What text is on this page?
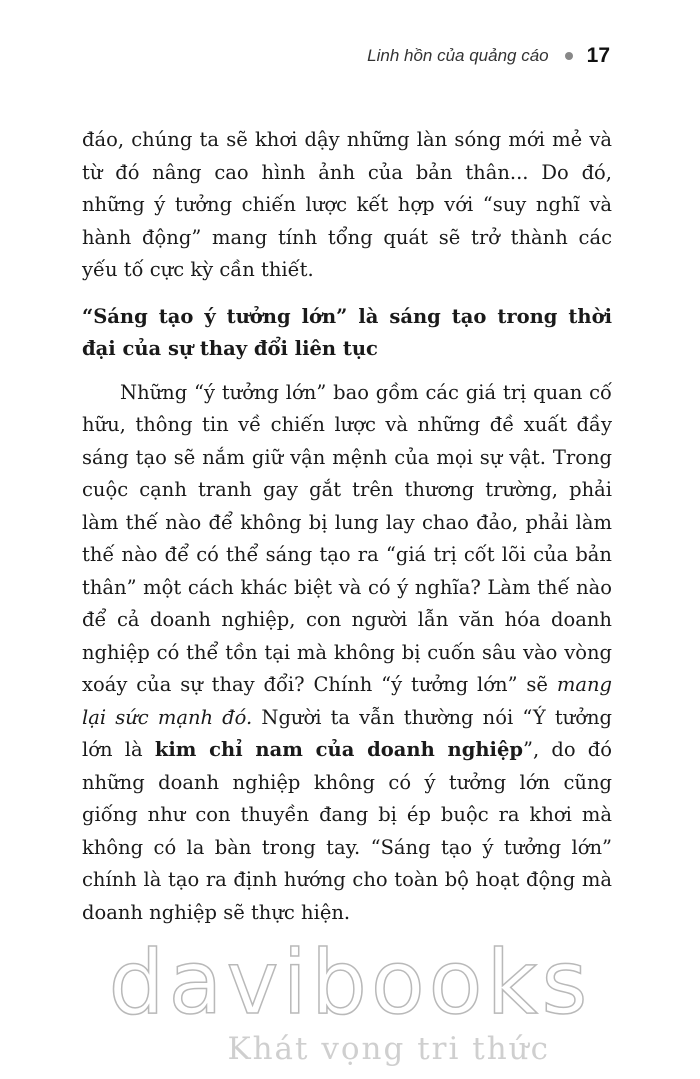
Linh hồn của quảng cáo 17

đáo, chúng ta sẽ khơi dậy những làn sóng mới mẻ và từ đó nâng cao hình ảnh của bản thân... Do đó, những ý tưởng chiến lược kết hợp với “suy nghĩ và hành động” mang tính tổng quát sẽ trở thành các yếu tố cực kỳ cần thiết.

“Sáng tạo ý tưởng lớn” là sáng tạo trong thời đại của sự thay đổi liên tục

Những “ý tưởng lớn” bao gồm các giá trị quan cố hữu, thông tin về chiến lược và những đề xuất đầy sáng tạo sẽ nắm giữ vận mệnh của mọi sự vật. Trong cuộc cạnh tranh gay gắt trên thương trường, phải làm thế nào để không bị lung lay chao đảo, phải làm thế nào để có thể sáng tạo ra “giá trị cốt lõi của bản thân” một cách khác biệt và có ý nghĩa? Làm thế nào để cả doanh nghiệp, con người lẫn văn hóa doanh nghiệp có thể tồn tại mà không bị cuốn sâu vào vòng xoáy của sự thay đổi? Chính “ý tưởng lớn” sẽ mang lại sức mạnh đó. Người ta vẫn thường nói “Ý tưởng lớn là kim chỉ nam của doanh nghiệp”, do đó những doanh nghiệp không có ý tưởng lớn cũng giống như con thuyền đang bị ép buộc ra khơi mà không có la bàn trong tay. “Sáng tạo ý tưởng lớn” chính là tạo ra định hướng cho toàn bộ hoạt động mà doanh nghiệp sẽ thực hiện.

davibooks
Khát vọng tri thức
